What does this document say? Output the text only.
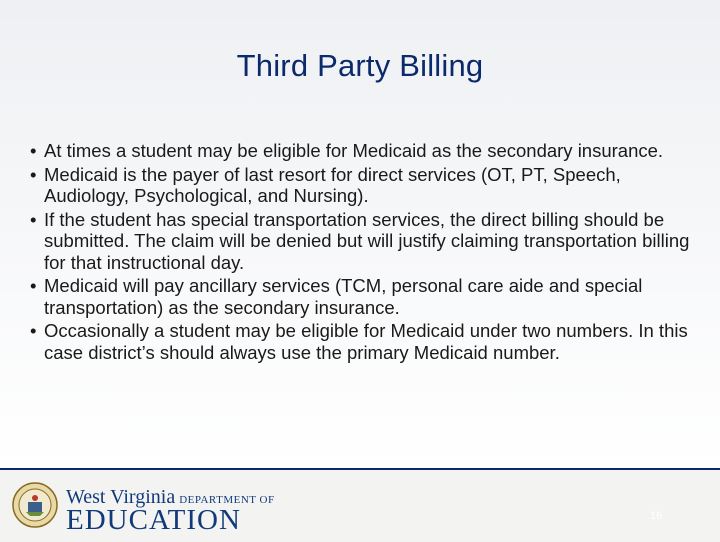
Third Party Billing
• At times a student may be eligible for Medicaid as the secondary insurance.
• Medicaid is the payer of last resort for direct services (OT, PT, Speech, Audiology, Psychological, and Nursing).
• If the student has special transportation services, the direct billing should be submitted. The claim will be denied but will justify claiming transportation billing for that instructional day.
• Medicaid will pay ancillary services (TCM, personal care aide and special transportation) as the secondary insurance.
• Occasionally a student may be eligible for Medicaid under two numbers. In this case district’s should always use the primary Medicaid number.
West Virginia DEPARTMENT OF
EDUCATION	16
